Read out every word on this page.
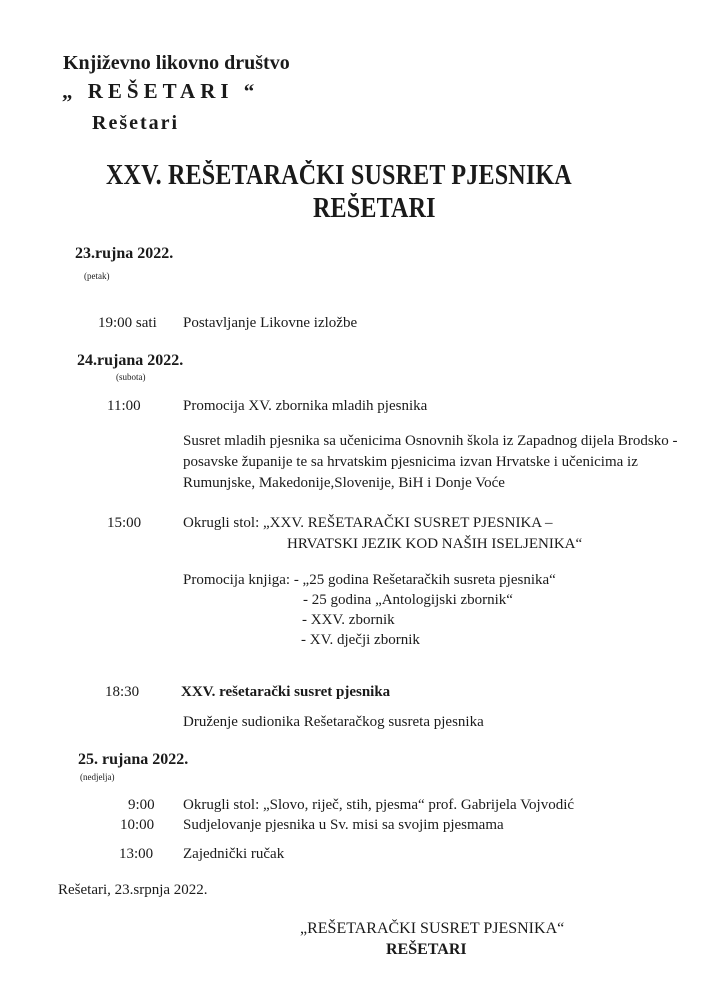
Književno likovno društvo
„ REŠETARI “
Rešetari
XXV. REŠETARAČKI SUSRET PJESNIKA
REŠETARI
23.rujna 2022.
(petak)
19:00 sati Postavljanje Likovne izložbe
24.rujana 2022.
(subota)
11:00	Promocija XV. zbornika mladih pjesnika
Susret mladih pjesnika sa učenicima Osnovnih škola iz Zapadnog dijela Brodsko - posavske županije te sa hrvatskim pjesnicima izvan Hrvatske i učenicima iz Rumunjske, Makedonije,Slovenije, BiH i Donje Voće
15:00	Okrugli stol: „XXV. REŠETARAČKI SUSRET PJESNIKA –
HRVATSKI JEZIK KOD NAŠIH ISELJENIKA“
Promocija knjiga: - „25 godina Rešetaračkih susreta pjesnika“
- 25 godina „Antologijski zbornik“
- XXV. zbornik
- XV. dječji zbornik
18:30	XXV. rešetarački susret pjesnika
Druženje sudionika Rešetaračkog susreta pjesnika
25. rujana 2022.
(nedjelja)
9:00 Okrugli stol: „Slovo, riječ, stih, pjesma“ prof. Gabrijela Vojvodić
10:00 Sudjelovanje pjesnika u Sv. misi sa svojim pjesmama
13:00 Zajednički ručak
Rešetari, 23.srpnja 2022.
„REŠETARAČKI SUSRET PJESNIKA“
REŠETARI
